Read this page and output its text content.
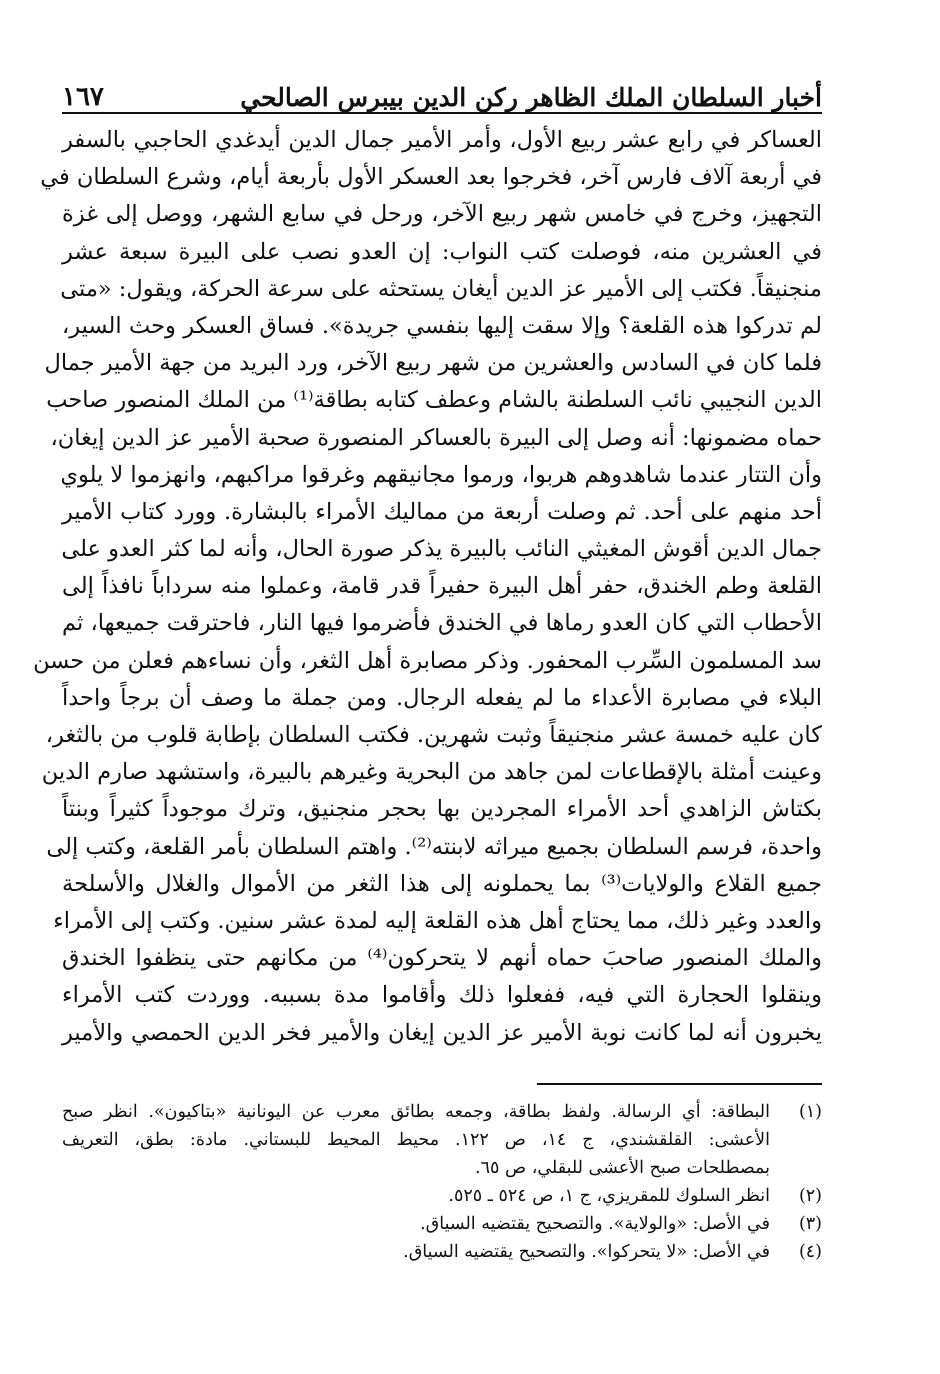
أخبار السلطان الملك الظاهر ركن الدين بيبرس الصالحي
١٦٧
العساكر في رابع عشر ربيع الأول، وأمر الأمير جمال الدين أيدغدي الحاجبي بالسفر
في أربعة آلاف فارس آخر، فخرجوا بعد العسكر الأول بأربعة أيام، وشرع السلطان في
التجهيز، وخرج في خامس شهر ربيع الآخر، ورحل في سابع الشهر، ووصل إلى غزة
في العشرين منه، فوصلت كتب النواب: إن العدو نصب على البيرة سبعة عشر
منجنيقاً. فكتب إلى الأمير عز الدين أيغان يستحثه على سرعة الحركة، ويقول: «متى
لم تدركوا هذه القلعة؟ وإلا سقت إليها بنفسي جريدة». فساق العسكر وحث السير،
فلما كان في السادس والعشرين من شهر ربيع الآخر، ورد البريد من جهة الأمير جمال
الدين النجيبي نائب السلطنة بالشام وعطف كتابه بطاقة⁽¹⁾ من الملك المنصور صاحب
حماه مضمونها: أنه وصل إلى البيرة بالعساكر المنصورة صحبة الأمير عز الدين إيغان،
وأن التتار عندما شاهدوهم هربوا، ورموا مجانيقهم وغرقوا مراكبهم، وانهزموا لا يلوي
أحد منهم على أحد. ثم وصلت أربعة من مماليك الأمراء بالبشارة. وورد كتاب الأمير
جمال الدين أقوش المغيثي النائب بالبيرة يذكر صورة الحال، وأنه لما كثر العدو على
القلعة وطم الخندق، حفر أهل البيرة حفيراً قدر قامة، وعملوا منه سرداباً نافذاً إلى
الأحطاب التي كان العدو رماها في الخندق فأضرموا فيها النار، فاحترقت جميعها، ثم
سد المسلمون السِّرب المحفور. وذكر مصابرة أهل الثغر، وأن نساءهم فعلن من حسن
البلاء في مصابرة الأعداء ما لم يفعله الرجال. ومن جملة ما وصف أن برجاً واحداً
كان عليه خمسة عشر منجنيقاً وثبت شهرين. فكتب السلطان بإطابة قلوب من بالثغر،
وعينت أمثلة بالإقطاعات لمن جاهد من البحرية وغيرهم بالبيرة، واستشهد صارم الدين
بكتاش الزاهدي أحد الأمراء المجردين بها بحجر منجنيق، وترك موجوداً كثيراً وبنتاً
واحدة، فرسم السلطان بجميع ميراثه لابنته⁽²⁾. واهتم السلطان بأمر القلعة، وكتب إلى
جميع القلاع والولايات⁽³⁾ بما يحملونه إلى هذا الثغر من الأموال والغلال والأسلحة
والعدد وغير ذلك، مما يحتاج أهل هذه القلعة إليه لمدة عشر سنين. وكتب إلى الأمراء
والملك المنصور صاحبَ حماه أنهم لا يتحركون⁽⁴⁾ من مكانهم حتى ينظفوا الخندق
وينقلوا الحجارة التي فيه، ففعلوا ذلك وأقاموا مدة بسببه. ووردت كتب الأمراء
يخبرون أنه لما كانت نوبة الأمير عز الدين إيغان والأمير فخر الدين الحمصي والأمير
(١)
البطاقة: أي الرسالة. ولفظ بطاقة، وجمعه بطائق معرب عن اليونانية «بتاكيون». انظر صبح
الأعشى: القلقشندي، ج ١٤، ص ١٢٢. محيط المحيط للبستاني. مادة: بطق، التعريف
بمصطلحات صبح الأعشى للبقلي، ص ٦٥.
(٢)
انظر السلوك للمقريزي، ج ١، ص ٥٢٤ ـ ٥٢٥.
(٣)
في الأصل: «والولاية». والتصحيح يقتضيه السياق.
(٤)
في الأصل: «لا يتحركوا». والتصحيح يقتضيه السياق.
